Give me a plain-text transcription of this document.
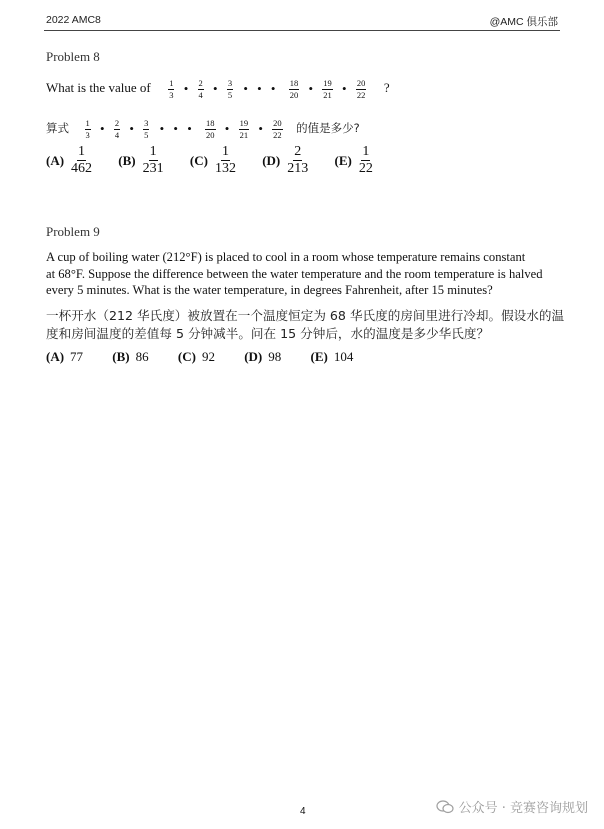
2022 AMC8	@AMC 俱乐部
Problem 8
What is the value of $\frac{1}{3}$ • $\frac{2}{4}$ • $\frac{3}{5}$ • • • $\frac{18}{20}$ • $\frac{19}{21}$ • $\frac{20}{22}$ ?
算式 $\frac{1}{3}$ • $\frac{2}{4}$ • $\frac{3}{5}$ • • • $\frac{18}{20}$ • $\frac{19}{21}$ • $\frac{20}{22}$ 的值是多少?
$(A) \frac{1}{462}$
$(B) \frac{1}{231}$
$(C) \frac{1}{132}$
$(D) \frac{2}{213}$
$(E) \frac{1}{22}$
Problem 9
A cup of boiling water (212°F) is placed to cool in a room whose temperature remains constant
at 68°F. Suppose the difference between the water temperature and the room temperature is halved
every 5 minutes. What is the water temperature, in degrees Fahrenheit, after 15 minutes?
一杯开水（212 华氏度）被放置在一个温度恒定为 68 华氏度的房间里进行冷却。假设水的温
度和房间温度的差值每 5 分钟减半。问在 15 分钟后，水的温度是多少华氏度？
(A) 77
(B) 86
(C) 92
(D) 98
(E) 104
4	公众号 · 竞赛咨询规划
